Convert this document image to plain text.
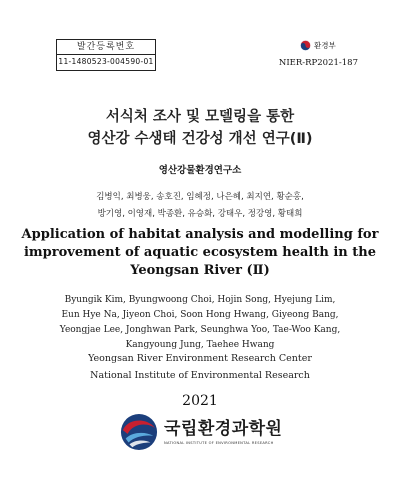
발간등록번호
11-1480523-004590-01
환경부
NIER-RP2021-187
서식처 조사 및 모델링을 통한
영산강 수생태 건강성 개선 연구(Ⅱ)
영산강물환경연구소
김병익, 최병웅, 송호진, 임혜정, 나은혜, 최지연, 황순홍,
방기영, 이영재, 박종환, 유승화, 강태우, 정강영, 황태희
Application of habitat analysis and modelling for
improvement of aquatic ecosystem health in the
Yeongsan River (Ⅱ)
Byungik Kim, Byungwoong Choi, Hojin Song, Hyejung Lim,
Eun Hye Na, Jiyeon Choi, Soon Hong Hwang, Giyeong Bang,
Yeongjae Lee, Jonghwan Park, Seunghwa Yoo, Tae-Woo Kang,
Kangyoung Jung, Taehee Hwang
Yeongsan River Environment Research Center
National Institute of Environmental Research
2021
국립환경과학원
NATIONAL INSTITUTE OF ENVIRONMENTAL RESEARCH
